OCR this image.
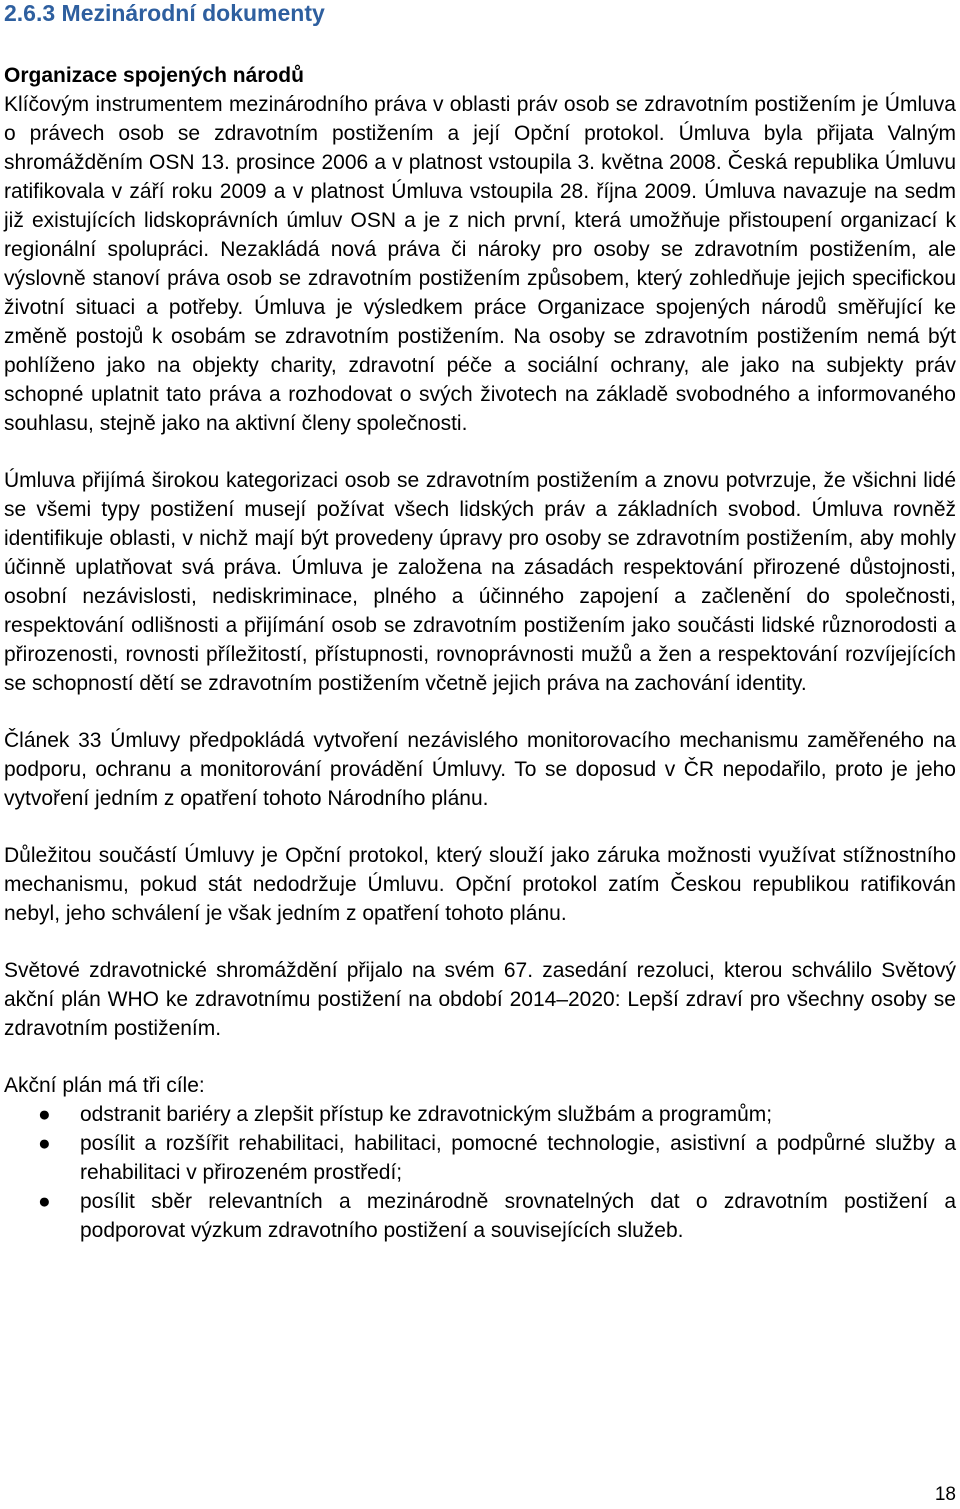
2.6.3 Mezinárodní dokumenty
Organizace spojených národů

Klíčovým instrumentem mezinárodního práva v oblasti práv osob se zdravotním postižením je Úmluva o právech osob se zdravotním postižením a její Opční protokol. Úmluva byla přijata Valným shromážděním OSN 13. prosince 2006 a v platnost vstoupila 3. května 2008. Česká republika Úmluvu ratifikovala v září roku 2009 a v platnost Úmluva vstoupila 28. října 2009. Úmluva navazuje na sedm již existujících lidskoprávních úmluv OSN a je z nich první, která umožňuje přistoupení organizací k regionální spolupráci. Nezakládá nová práva či nároky pro osoby se zdravotním postižením, ale výslovně stanoví práva osob se zdravotním postižením způsobem, který zohledňuje jejich specifickou životní situaci a potřeby. Úmluva je výsledkem práce Organizace spojených národů směřující ke změně postojů k osobám se zdravotním postižením. Na osoby se zdravotním postižením nemá být pohlíženo jako na objekty charity, zdravotní péče a sociální ochrany, ale jako na subjekty práv schopné uplatnit tato práva a rozhodovat o svých životech na základě svobodného a informovaného souhlasu, stejně jako na aktivní členy společnosti.

Úmluva přijímá širokou kategorizaci osob se zdravotním postižením a znovu potvrzuje, že všichni lidé se všemi typy postižení musejí požívat všech lidských práv a základních svobod. Úmluva rovněž identifikuje oblasti, v nichž mají být provedeny úpravy pro osoby se zdravotním postižením, aby mohly účinně uplatňovat svá práva. Úmluva je založena na zásadách respektování přirozené důstojnosti, osobní nezávislosti, nediskriminace, plného a účinného zapojení a začlenění do společnosti, respektování odlišnosti a přijímání osob se zdravotním postižením jako součásti lidské různorodosti a přirozenosti, rovnosti příležitostí, přístupnosti, rovnoprávnosti mužů a žen a respektování rozvíjejících se schopností dětí se zdravotním postižením včetně jejich práva na zachování identity.

Článek 33 Úmluvy předpokládá vytvoření nezávislého monitorovacího mechanismu zaměřeného na podporu, ochranu a monitorování provádění Úmluvy. To se doposud v ČR nepodařilo, proto je jeho vytvoření jedním z opatření tohoto Národního plánu.

Důležitou součástí Úmluvy je Opční protokol, který slouží jako záruka možnosti využívat stížnostního mechanismu, pokud stát nedodržuje Úmluvu. Opční protokol zatím Českou republikou ratifikován nebyl, jeho schválení je však jedním z opatření tohoto plánu.

Světové zdravotnické shromáždění přijalo na svém 67. zasedání rezoluci, kterou schválilo Světový akční plán WHO ke zdravotnímu postižení na období 2014–2020: Lepší zdraví pro všechny osoby se zdravotním postižením.

Akční plán má tři cíle:

● odstranit bariéry a zlepšit přístup ke zdravotnickým službám a programům;
● posílit a rozšířit rehabilitaci, habilitaci, pomocné technologie, asistivní a podpůrné služby a rehabilitaci v přirozeném prostředí;
● posílit sběr relevantních a mezinárodně srovnatelných dat o zdravotním postižení a podporovat výzkum zdravotního postižení a souvisejících služeb.
18
